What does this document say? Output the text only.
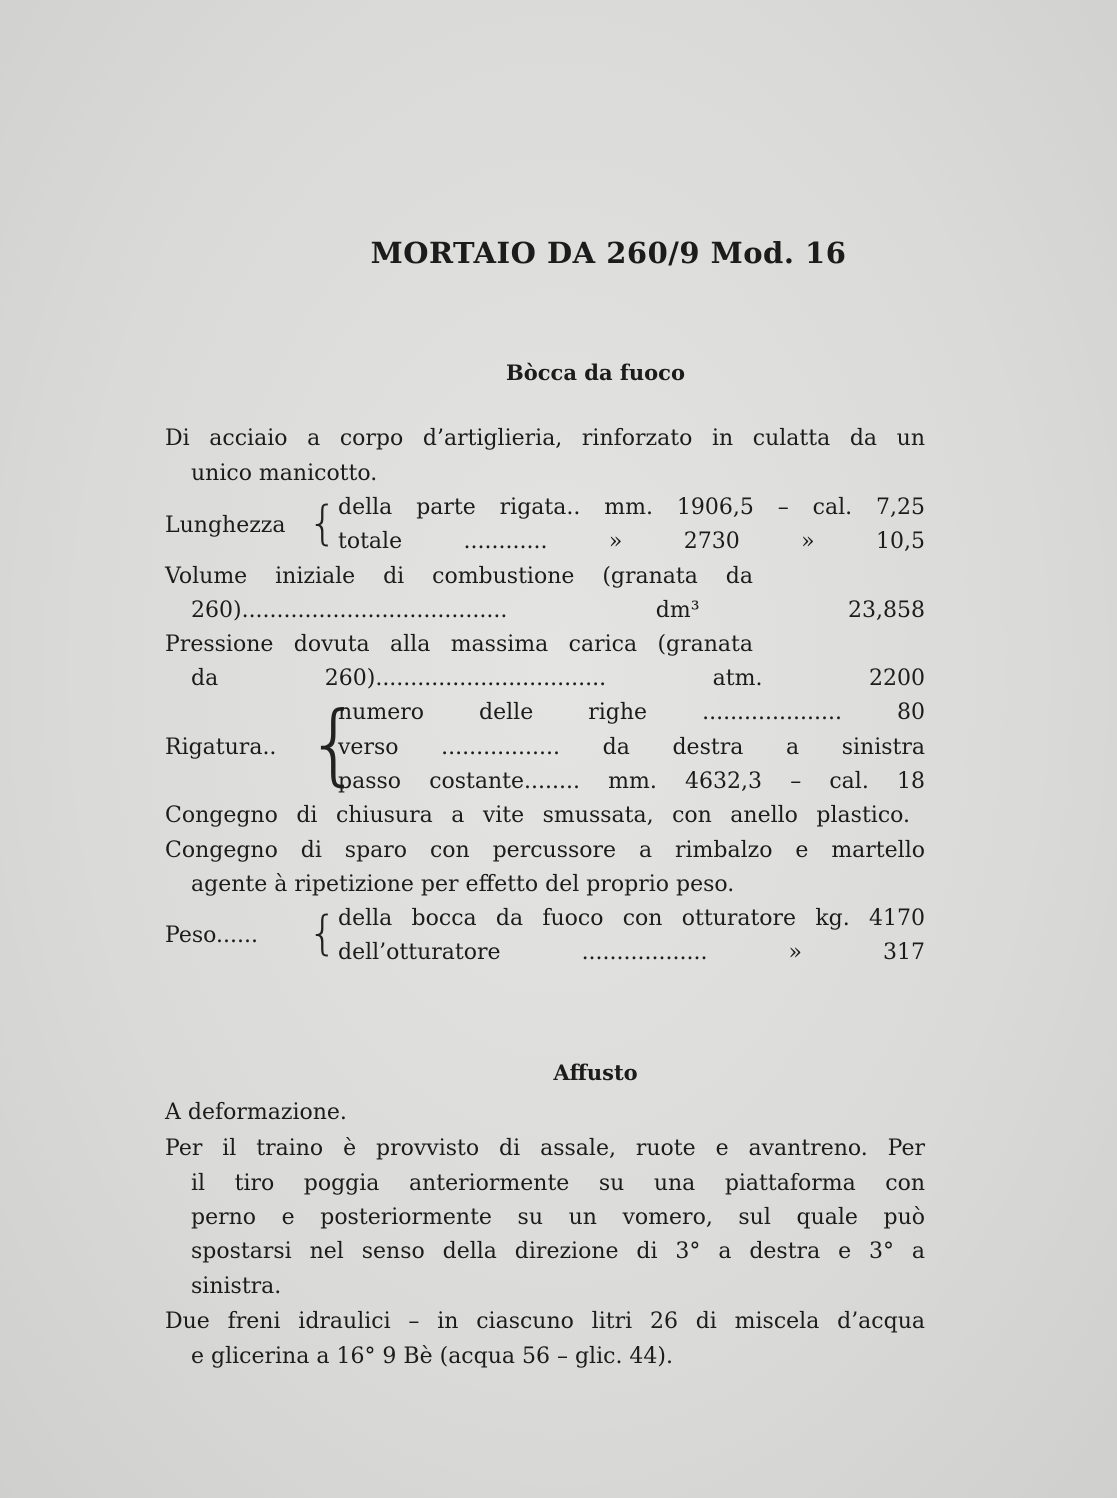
MORTAIO DA 260/9 Mod. 16
Bòcca da fuoco
Di acciaio a corpo d’artiglieria, rinforzato in culatta da un
unico manicotto.
Lunghezza { della parte rigata.. mm. 1906,5 – cal. 7,25
totale ............ » 2730 » 10,5
Volume iniziale di combustione (granata da
260)...................................... dm³ 23,858
Pressione dovuta alla massima carica (granata
da 260)................................. atm. 2200
Rigatura.. {
numero delle righe .................... 80
verso ................. da destra a sinistra
passo costante........ mm. 4632,3 – cal. 18
Congegno di chiusura a vite smussata, con anello plastico.
Congegno di sparo con percussore a rimbalzo e martello
agente à ripetizione per effetto del proprio peso.
Peso...... { della bocca da fuoco con otturatore kg. 4170
dell’otturatore .................. » 317
Affusto
A deformazione.
Per il traino è provvisto di assale, ruote e avantreno. Per
il tiro poggia anteriormente su una piattaforma con
perno e posteriormente su un vomero, sul quale può
spostarsi nel senso della direzione di 3° a destra e 3° a
sinistra.
Due freni idraulici – in ciascuno litri 26 di miscela d’acqua
e glicerina a 16° 9 Bè (acqua 56 – glic. 44).
